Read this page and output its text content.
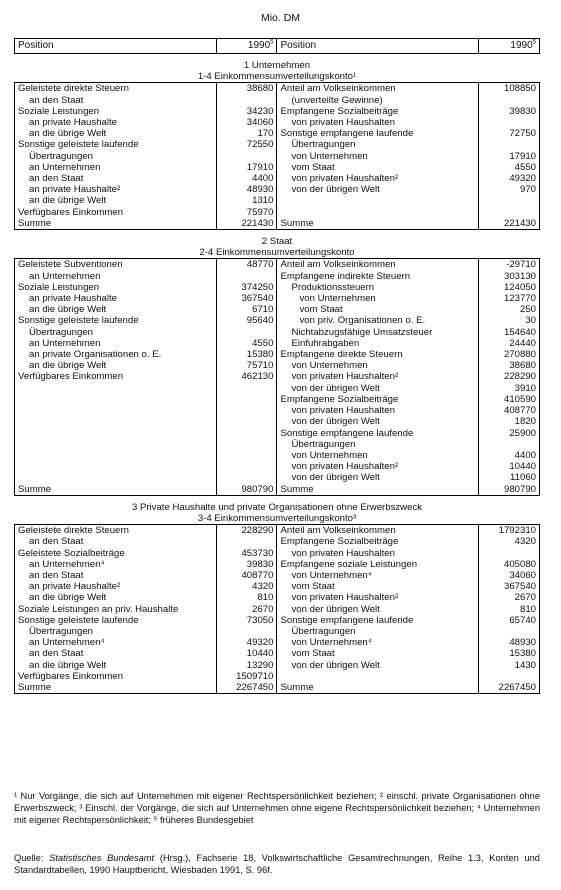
Mio. DM
Position	1990$^5$	Position	1990$^5$

1 Unternehmen			
1-4 Einkommensumverteilungskonto¹			
Geleistete direkte Steuern	38680	Anteil am Volkseinkommen	108850
an den Staat		(unverteilte Gewinne)	
Soziale Leistungen	34230	Empfangene Sozialbeiträge	39830
an private Haushalte	34060	von privaten Haushalten	
an die übrige Welt	170	Sonstige empfangene laufende	72750
Sonstige geleistete laufende	72550	Übertragungen	
Übertragungen		von Unternehmen	17910
an Unternehmen	17910	vom Staat	4550
an den Staat	4400	von privaten Haushalten²	49320
an private Haushalte²	48930	von der übrigen Welt	970
an die übrige Welt	1310		
Verfügbares Einkommen	75970		
Summe	221430	Summe	221430

2 Staat			
2-4 Einkommensumverteilungskonto			
Geleistete Subventionen	48770	Anteil am Volkseinkommen	-29710
an Unternehmen		Empfangene indirekte Steuern	303130
Soziale Leistungen	374250	Produktionssteuern	124050
an private Haushalte	367540	von Unternehmen	123770
an die übrige Welt	6710	vom Staat	250
Sonstige geleistete laufende	95640	von priv. Organisationen o. E.	30
Übertragungen		Nichtabzugsfähige Umsatzsteuer	154640
an Unternehmen	4550	Einfuhrabgaben	24440
an private Organisationen o. E.	15380	Empfangene direkte Steuern	270880
an die übrige Welt	75710	von Unternehmen	38680
Verfügbares Einkommen	462130	von privaten Haushalten²	228290
		von der übrigen Welt	3910
		Empfangene Sozialbeiträge	410590
		von privaten Haushalten	408770
		von der übrigen Welt	1820
		Sonstige empfangene laufende	25900
		Übertragungen	
		von Unternehmen	4400
		von privaten Haushalten²	10440
		von der übrigen Welt	11060
Summe	980790	Summe	980790

3 Private Haushalte und private Organisationen ohne Erwerbszweck			
3-4 Einkommensumverteilungskonto³			
Geleistete direkte Steuern	228290	Anteil am Volkseinkommen	1792310
an den Staat		Empfangene Sozialbeiträge	4320
Geleistete Sozialbeiträge	453730	von privaten Haushalten	
an Unternehmen⁴	39830	Empfangene soziale Leistungen	405080
an den Staat	408770	von Unternehmen⁴	34060
an private Haushalte²	4320	vom Staat	367540
an die übrige Welt	810	von privaten Haushalten²	2670
Soziale Leistungen an priv. Haushalte	2670	von der übrigen Welt	810
Sonstige geleistete laufende	73050	Sonstige empfangene laufende	65740
Übertragungen		Übertragungen	
an Unternehmen⁴	49320	von Unternehmen⁴	48930
an den Staat	10440	vom Staat	15380
an die übrige Welt	13290	von der übrigen Welt	1430
Verfügbares Einkommen	1509710		
Summe	2267450	Summe	2267450
¹ Nur Vorgänge, die sich auf Unternehmen mit eigener Rechtspersönlichkeit beziehen; ² einschl. private Organisationen ohne Erwerbszweck; ³ Einschl. der Vorgänge, die sich auf Unternehmen ohne eigene Rechtspersönlichkeit beziehen; ⁴ Unternehmen mit eigener Rechtspersönlichkeit; ⁵ früheres Bundesgebiet
Quelle: Statistisches Bundesamt (Hrsg.), Fachserie 18, Volkswirtschaftliche Gesamtrechnungen, Reihe 1.3, Konten und Standardtabellen, 1990 Hauptbericht, Wiesbaden 1991, S. 96f.
